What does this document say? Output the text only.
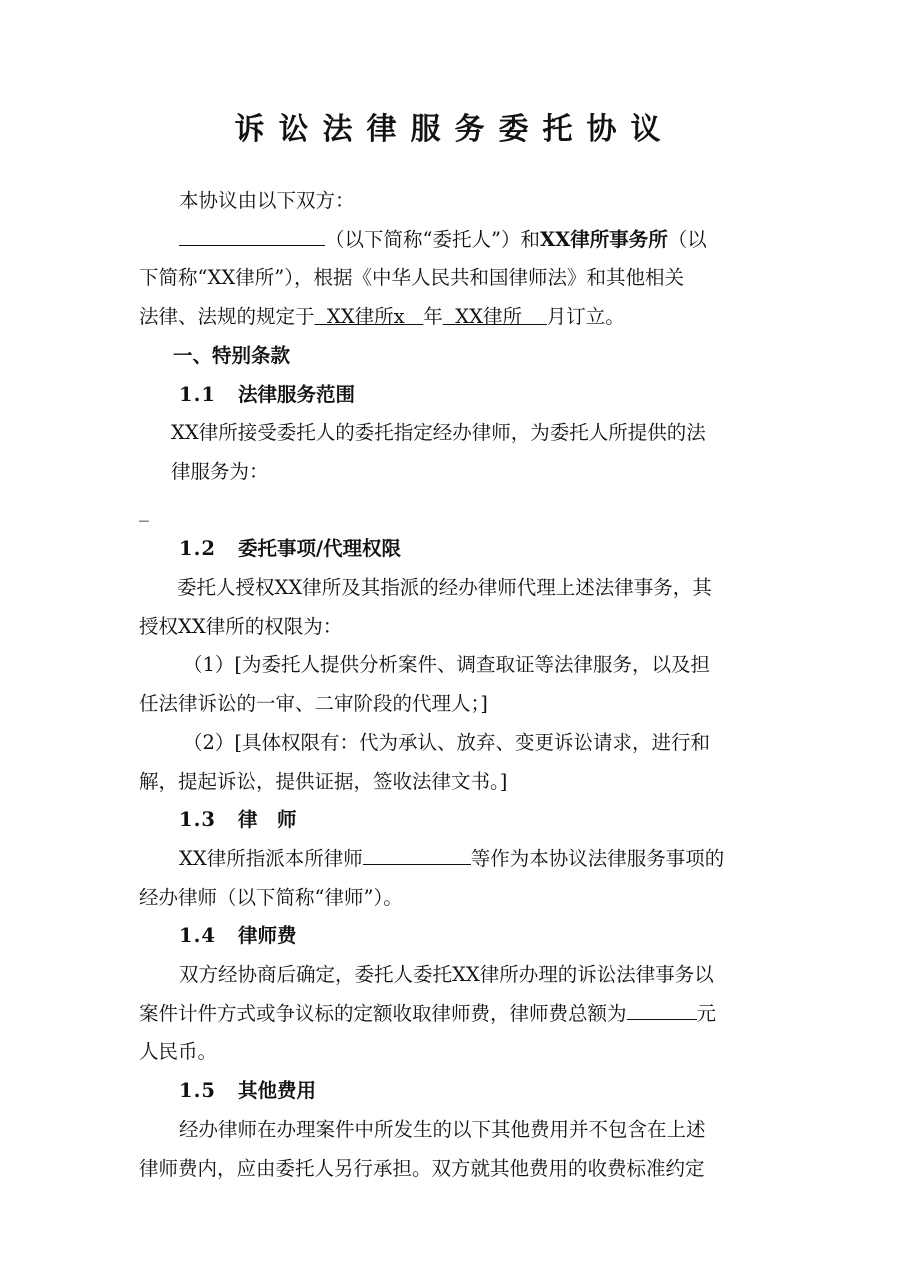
诉讼法律服务委托协议

本协议由以下双方：

（以下简称“委托人”）和XX律所事务所（以

下简称“XX律所”），根据《中华人民共和国律师法》和其他相关

法律、法规的规定于 XX律所x 年 XX律所 月订立。

一、特别条款

1.1 法律服务范围

XX律所接受委托人的委托指定经办律师，为委托人所提供的法

律服务为：

_

1.2 委托事项/代理权限

委托人授权XX律所及其指派的经办律师代理上述法律事务，其

授权XX律所的权限为：

（1）[为委托人提供分析案件、调查取证等法律服务，以及担

任法律诉讼的一审、二审阶段的代理人；]

（2）[具体权限有：代为承认、放弃、变更诉讼请求，进行和

解，提起诉讼，提供证据，签收法律文书。]

1.3 律　师

XX律所指派本所律师	等作为本协议法律服务事项的

经办律师（以下简称“律师”）。

1.4 律师费

双方经协商后确定，委托人委托XX律所办理的诉讼法律事务以

案件计件方式或争议标的定额收取律师费，律师费总额为	元

人民币。

1.5 其他费用

经办律师在办理案件中所发生的以下其他费用并不包含在上述

律师费内，应由委托人另行承担。双方就其他费用的收费标准约定
